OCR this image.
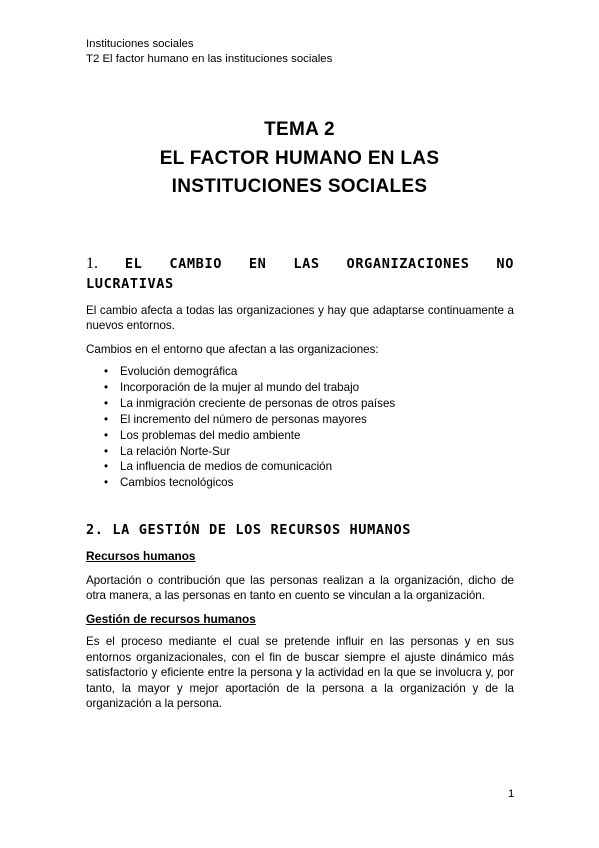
Instituciones sociales
T2 El factor humano en las instituciones sociales
TEMA 2
EL FACTOR HUMANO EN LAS
INSTITUCIONES SOCIALES
1. EL CAMBIO EN LAS ORGANIZACIONES NO LUCRATIVAS
El cambio afecta a todas las organizaciones y hay que adaptarse continuamente a nuevos entornos.
Cambios en el entorno que afectan a las organizaciones:
• Evolución demográfica
• Incorporación de la mujer al mundo del trabajo
• La inmigración creciente de personas de otros países
• El incremento del número de personas mayores
• Los problemas del medio ambiente
• La relación Norte-Sur
• La influencia de medios de comunicación
• Cambios tecnológicos
2. LA GESTIÓN DE LOS RECURSOS HUMANOS
Recursos humanos
Aportación o contribución que las personas realizan a la organización, dicho de otra manera, a las personas en tanto en cuento se vinculan a la organización.
Gestión de recursos humanos
Es el proceso mediante el cual se pretende influir en las personas y en sus entornos organizacionales, con el fin de buscar siempre el ajuste dinámico más satisfactorio y eficiente entre la persona y la actividad en la que se involucra y, por tanto, la mayor y mejor aportación de la persona a la organización y de la organización a la persona.
1
